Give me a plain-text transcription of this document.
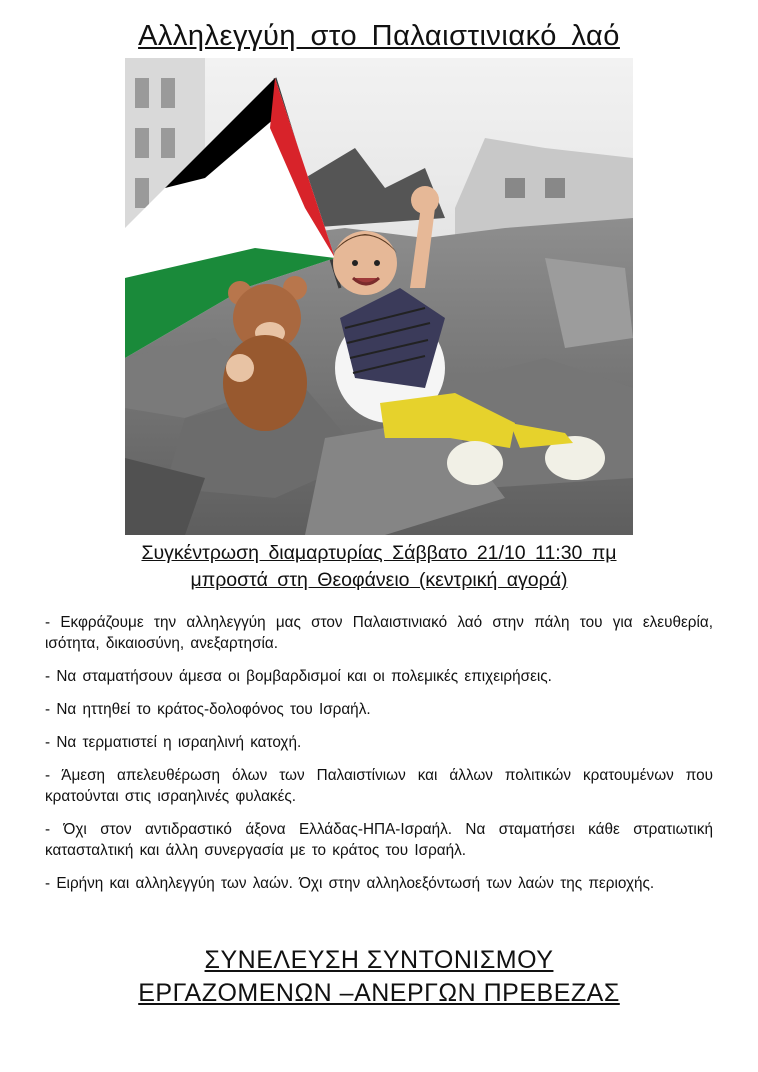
Αλληλεγγύη στο Παλαιστινιακό λαό
Συγκέντρωση διαμαρτυρίας Σάββατο 21/10 11:30 πμ
μπροστά στη Θεοφάνειο (κεντρική αγορά)
- Εκφράζουμε την αλληλεγγύη μας στον Παλαιστινιακό λαό στην πάλη του για ελευθερία, ισότητα, δικαιοσύνη, ανεξαρτησία.
- Να σταματήσουν άμεσα οι βομβαρδισμοί και οι πολεμικές επιχειρήσεις.
- Να ηττηθεί το κράτος-δολοφόνος του Ισραήλ.
- Να τερματιστεί η ισραηλινή κατοχή.
- Άμεση απελευθέρωση όλων των Παλαιστίνιων και άλλων πολιτικών κρατουμένων που κρατούνται στις ισραηλινές φυλακές.
- Όχι στον αντιδραστικό άξονα Ελλάδας-ΗΠΑ-Ισραήλ. Να σταματήσει κάθε στρατιωτική κατασταλτική και άλλη συνεργασία με το κράτος του Ισραήλ.
- Ειρήνη και αλληλεγγύη των λαών. Όχι στην αλληλοεξόντωσή των λαών της περιοχής.
ΣΥΝΕΛΕΥΣΗ ΣΥΝΤΟΝΙΣΜΟΥ
ΕΡΓΑΖΟΜΕΝΩΝ –ΑΝΕΡΓΩΝ ΠΡΕΒΕΖΑΣ
